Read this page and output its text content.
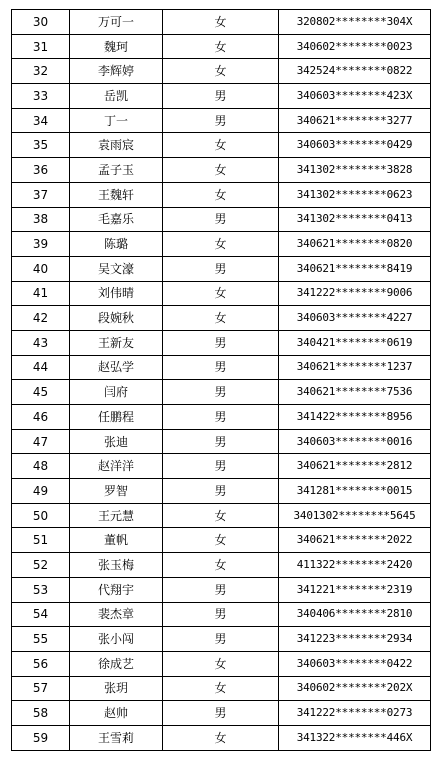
30	万可一	女	320802********304X
31	魏珂	女	340602********0023
32	李辉婷	女	342524********0822
33	岳凯	男	340603********423X
34	丁一	男	340621********3277
35	袁雨宸	女	340603********0429
36	孟子玉	女	341302********3828
37	王魏轩	女	341302********0623
38	毛嘉乐	男	341302********0413
39	陈璐	女	340621********0820
40	吴文濠	男	340621********8419
41	刘伟晴	女	341222********9006
42	段婉秋	女	340603********4227
43	王新友	男	340421********0619
44	赵弘学	男	340621********1237
45	闫府	男	340621********7536
46	任鹏程	男	341422********8956
47	张迪	男	340603********0016
48	赵洋洋	男	340621********2812
49	罗智	男	341281********0015
50	王元慧	女	3401302********5645
51	董帆	女	340621********2022
52	张玉梅	女	411322********2420
53	代翔宇	男	341221********2319
54	裴杰章	男	340406********2810
55	张小闯	男	341223********2934
56	徐成艺	女	340603********0422
57	张玥	女	340602********202X
58	赵帅	男	341222********0273
59	王雪莉	女	341322********446X
